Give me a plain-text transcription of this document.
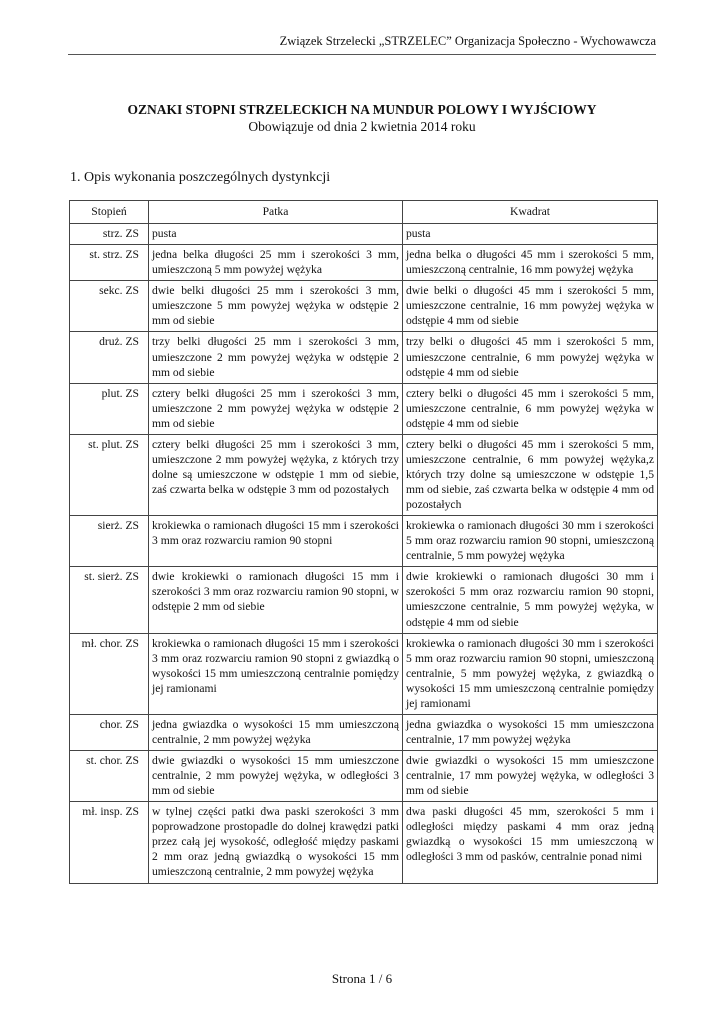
Związek Strzelecki „STRZELEC” Organizacja Społeczno - Wychowawcza
OZNAKI STOPNI STRZELECKICH NA MUNDUR POLOWY I WYJŚCIOWY
Obowiązuje od dnia 2 kwietnia 2014 roku
1. Opis wykonania poszczególnych dystynkcji
Stopień	Patka	Kwadrat
strz. ZS	pusta	pusta
st. strz. ZS	jedna belka długości 25 mm i szerokości 3 mm, umieszczoną 5 mm powyżej wężyka	jedna belka o długości 45 mm i szerokości 5 mm, umieszczoną centralnie, 16 mm powyżej wężyka
sekc. ZS	dwie belki długości 25 mm i szerokości 3 mm, umieszczone 5 mm powyżej wężyka w odstępie 2 mm od siebie	dwie belki o długości 45 mm i szerokości 5 mm, umieszczone centralnie, 16 mm powyżej wężyka w odstępie 4 mm od siebie
druż. ZS	trzy belki długości 25 mm i szerokości 3 mm, umieszczone 2 mm powyżej wężyka w odstępie 2 mm od siebie	trzy belki o długości 45 mm i szerokości 5 mm, umieszczone centralnie, 6 mm powyżej wężyka w odstępie 4 mm od siebie
plut. ZS	cztery belki długości 25 mm i szerokości 3 mm, umieszczone 2 mm powyżej wężyka w odstępie 2 mm od siebie	cztery belki o długości 45 mm i szerokości 5 mm, umieszczone centralnie, 6 mm powyżej wężyka w odstępie 4 mm od siebie
st. plut. ZS	cztery belki długości 25 mm i szerokości 3 mm, umieszczone 2 mm powyżej wężyka, z których trzy dolne są umieszczone w odstępie 1 mm od siebie, zaś czwarta belka w odstępie 3 mm od pozostałych	cztery belki o długości 45 mm i szerokości 5 mm, umieszczone centralnie, 6 mm powyżej wężyka,z których trzy dolne są umieszczone w odstępie 1,5 mm od siebie, zaś czwarta belka w odstępie 4 mm od pozostałych
sierż. ZS	krokiewka o ramionach długości 15 mm i szerokości 3 mm oraz rozwarciu ramion 90 stopni	krokiewka o ramionach długości 30 mm i szerokości 5 mm oraz rozwarciu ramion 90 stopni, umieszczoną centralnie, 5 mm powyżej wężyka
st. sierż. ZS	dwie krokiewki o ramionach długości 15 mm i szerokości 3 mm oraz rozwarciu ramion 90 stopni, w odstępie 2 mm od siebie	dwie krokiewki o ramionach długości 30 mm i szerokości 5 mm oraz rozwarciu ramion 90 stopni, umieszczone centralnie, 5 mm powyżej wężyka, w odstępie 4 mm od siebie
mł. chor. ZS	krokiewka o ramionach długości 15 mm i szerokości 3 mm oraz rozwarciu ramion 90 stopni z gwiazdką o wysokości 15 mm umieszczoną centralnie pomiędzy jej ramionami	krokiewka o ramionach długości 30 mm i szerokości 5 mm oraz rozwarciu ramion 90 stopni, umieszczoną centralnie, 5 mm powyżej wężyka, z gwiazdką o wysokości 15 mm umieszczoną centralnie pomiędzy jej ramionami
chor. ZS	jedna gwiazdka o wysokości 15 mm umieszczoną centralnie, 2 mm powyżej wężyka	jedna gwiazdka o wysokości 15 mm umieszczona centralnie, 17 mm powyżej wężyka
st. chor. ZS	dwie gwiazdki o wysokości 15 mm umieszczone centralnie, 2 mm powyżej wężyka, w odległości 3 mm od siebie	dwie gwiazdki o wysokości 15 mm umieszczone centralnie, 17 mm powyżej wężyka, w odległości 3 mm od siebie
mł. insp. ZS	w tylnej części patki dwa paski szerokości 3 mm poprowadzone prostopadle do dolnej krawędzi patki przez całą jej wysokość, odległość między paskami 2 mm oraz jedną gwiazdką o wysokości 15 mm umieszczoną centralnie, 2 mm powyżej wężyka	dwa paski długości 45 mm, szerokości 5 mm i odległości między paskami 4 mm oraz jedną gwiazdką o wysokości 15 mm umieszczoną w odległości 3 mm od pasków, centralnie ponad nimi
Strona 1 / 6
